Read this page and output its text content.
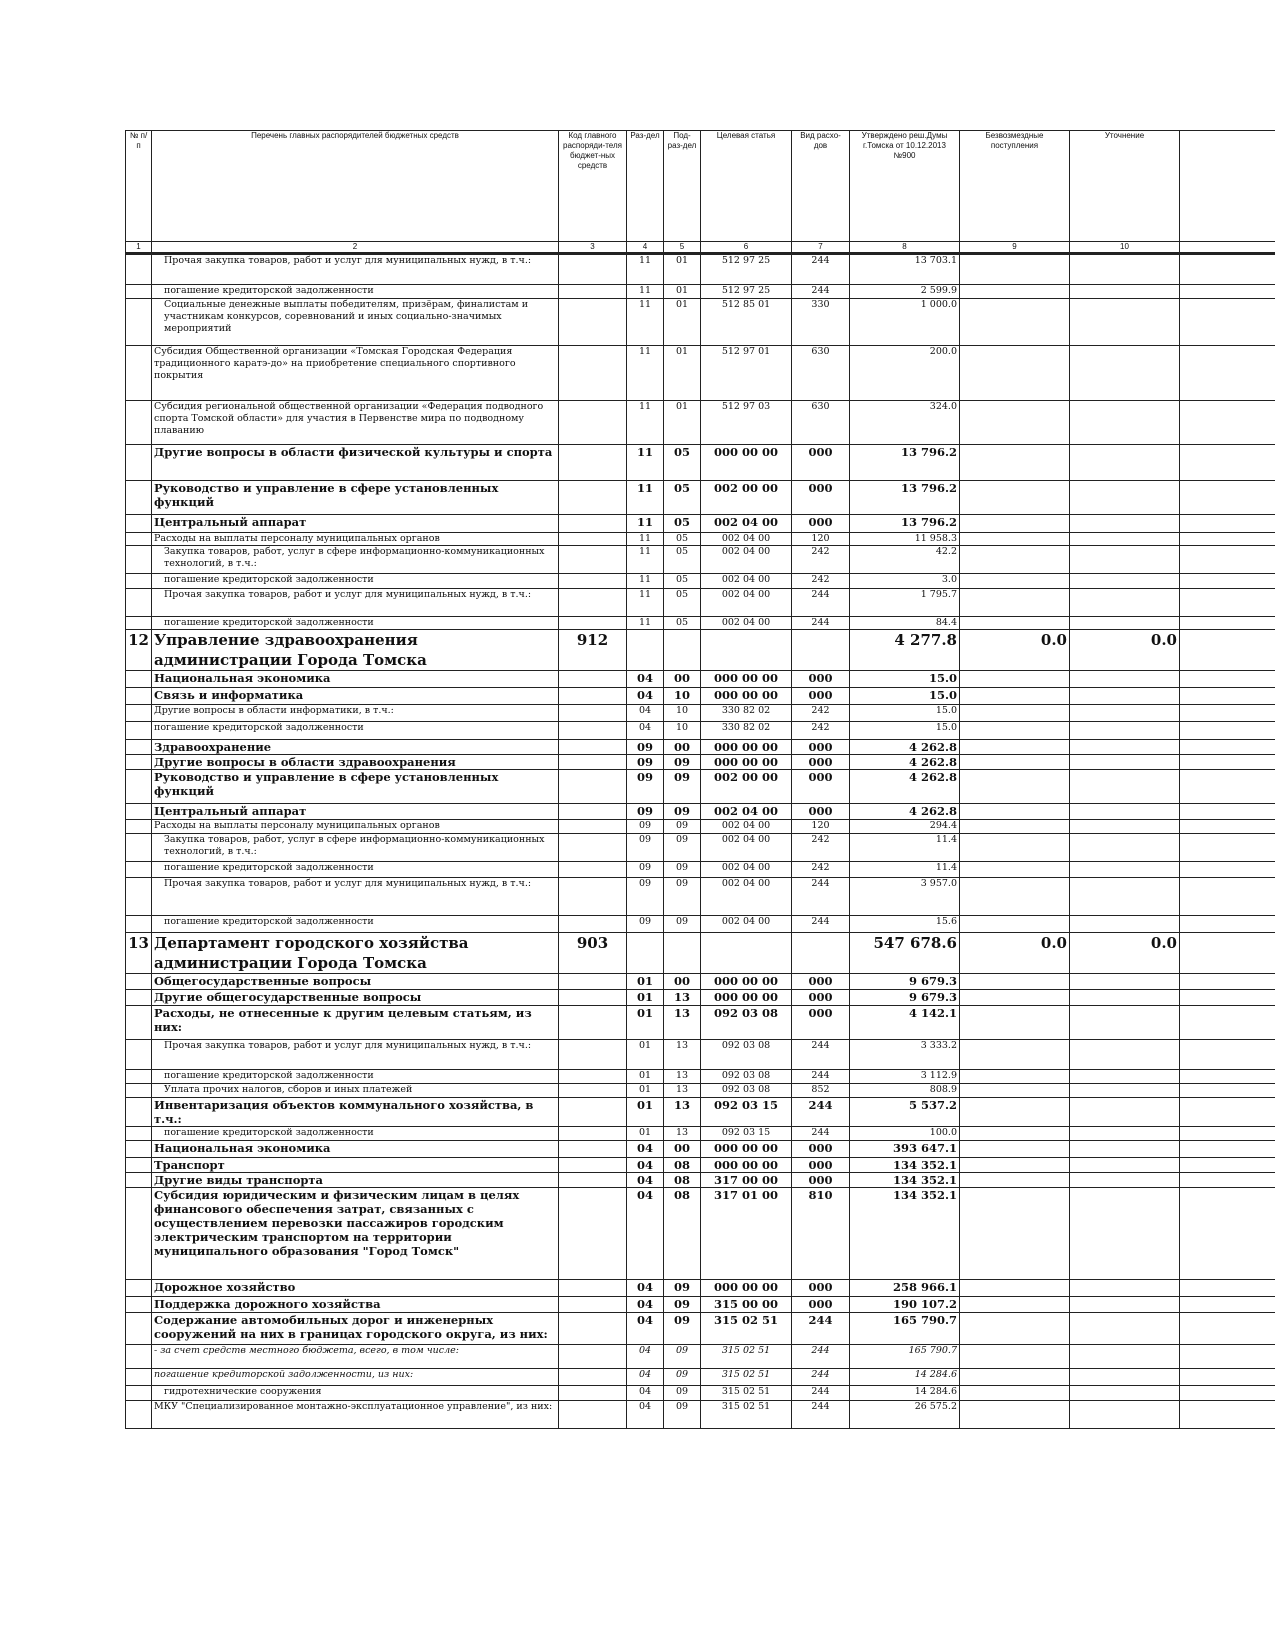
№ п/п	Перечень главных распорядителей бюджетных средств	Код главного распоряди-теля бюджет-ных средств	Раз-дел	Под-раз-дел	Целевая статья	Вид расхо-дов	Утверждено реш.Думы г.Томска от 10.12.2013 №900	Безвозмездные поступления	Уточнение	
1	2	3	4	5	6	7	8	9	10	
	Прочая закупка товаров, работ и услуг для муниципальных нужд, в т.ч.:		11	01	512 97 25	244	13 703.1			
	погашение кредиторской задолженности		11	01	512 97 25	244	2 599.9			
	Социальные денежные выплаты победителям, призёрам, финалистам и участникам конкурсов, соревнований и иных социально-значимых мероприятий		11	01	512 85 01	330	1 000.0			
	Субсидия Общественной организации «Томская Городская Федерация традиционного каратэ-до» на приобретение специального спортивного покрытия		11	01	512 97 01	630	200.0			
	Субсидия региональной общественной организации «Федерация подводного спорта Томской области» для участия в Первенстве мира по подводному плаванию		11	01	512 97 03	630	324.0			
	Другие вопросы в области физической культуры и спорта		11	05	000 00 00	000	13 796.2			
	Руководство и управление в сфере установленных функций		11	05	002 00 00	000	13 796.2			
	Центральный аппарат		11	05	002 04 00	000	13 796.2			
	Расходы на выплаты персоналу муниципальных органов		11	05	002 04 00	120	11 958.3			
	Закупка товаров, работ, услуг в сфере информационно-коммуникационных технологий, в т.ч.:		11	05	002 04 00	242	42.2			
	погашение кредиторской задолженности		11	05	002 04 00	242	3.0			
	Прочая закупка товаров, работ и услуг для муниципальных нужд, в т.ч.:		11	05	002 04 00	244	1 795.7			
	погашение кредиторской задолженности		11	05	002 04 00	244	84.4			
12	Управление здравоохранения администрации Города Томска	912					4 277.8	0.0	0.0	
	Национальная экономика		04	00	000 00 00	000	15.0			
	Связь и информатика		04	10	000 00 00	000	15.0			
	Другие вопросы в области информатики, в т.ч.:		04	10	330 82 02	242	15.0			
	погашение кредиторской задолженности		04	10	330 82 02	242	15.0			
	Здравоохранение		09	00	000 00 00	000	4 262.8			
	Другие вопросы в области здравоохранения		09	09	000 00 00	000	4 262.8			
	Руководство и управление в сфере установленных функций		09	09	002 00 00	000	4 262.8			
	Центральный аппарат		09	09	002 04 00	000	4 262.8			
	Расходы на выплаты персоналу муниципальных органов		09	09	002 04 00	120	294.4			
	Закупка товаров, работ, услуг в сфере информационно-коммуникационных технологий, в т.ч.:		09	09	002 04 00	242	11.4			
	погашение кредиторской задолженности		09	09	002 04 00	242	11.4			
	Прочая закупка товаров, работ и услуг для муниципальных нужд, в т.ч.:		09	09	002 04 00	244	3 957.0			
	погашение кредиторской задолженности		09	09	002 04 00	244	15.6			
13	Департамент городского хозяйства администрации Города Томска	903					547 678.6	0.0	0.0	
	Общегосударственные вопросы		01	00	000 00 00	000	9 679.3			
	Другие общегосударственные вопросы		01	13	000 00 00	000	9 679.3			
	Расходы, не отнесенные к другим целевым статьям, из них:		01	13	092 03 08	000	4 142.1			
	Прочая закупка товаров, работ и услуг для муниципальных нужд, в т.ч.:		01	13	092 03 08	244	3 333.2			
	погашение кредиторской задолженности		01	13	092 03 08	244	3 112.9			
	Уплата прочих налогов, сборов и иных платежей		01	13	092 03 08	852	808.9			
	Инвентаризация объектов коммунального хозяйства, в т.ч.:		01	13	092 03 15	244	5 537.2			
	погашение кредиторской задолженности		01	13	092 03 15	244	100.0			
	Национальная экономика		04	00	000 00 00	000	393 647.1			
	Транспорт		04	08	000 00 00	000	134 352.1			
	Другие виды транспорта		04	08	317 00 00	000	134 352.1			
	Субсидия юридическим и физическим лицам в целях финансового обеспечения затрат, связанных с осуществлением перевозки пассажиров городским электрическим транспортом на территории муниципального образования "Город Томск"		04	08	317 01 00	810	134 352.1			
	Дорожное хозяйство		04	09	000 00 00	000	258 966.1			
	Поддержка дорожного хозяйства		04	09	315 00 00	000	190 107.2			
	Содержание автомобильных дорог и инженерных сооружений на них в границах городского округа, из них:		04	09	315 02 51	244	165 790.7			
	- за счет средств местного бюджета, всего, в том числе:		04	09	315 02 51	244	165 790.7			
	погашение кредиторской задолженности, из них:		04	09	315 02 51	244	14 284.6			
	гидротехнические сооружения		04	09	315 02 51	244	14 284.6			
	МКУ "Специализированное монтажно-эксплуатационное управление", из них:		04	09	315 02 51	244	26 575.2			
